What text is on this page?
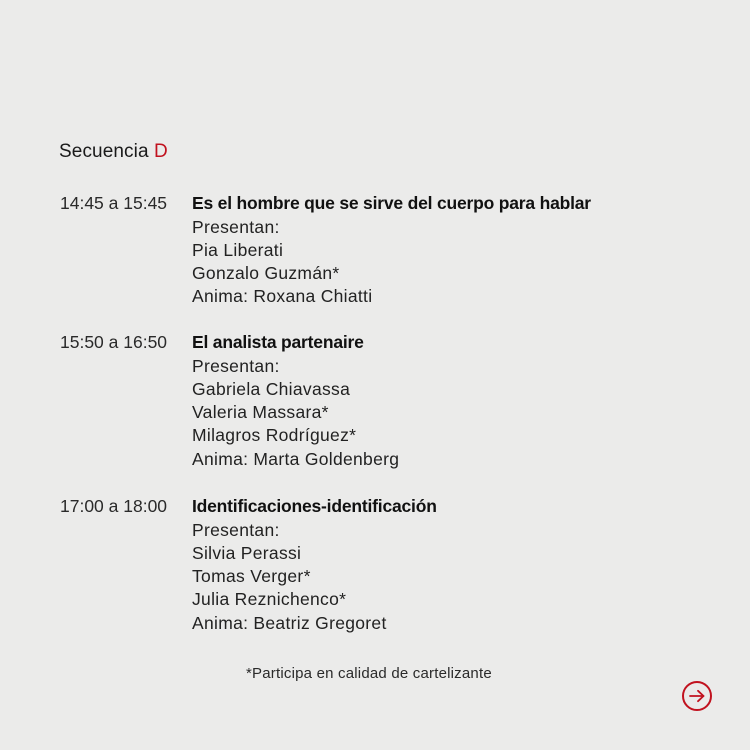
Secuencia D
14:45 a 15:45 Es el hombre que se sirve del cuerpo para hablar
Presentan:
Pia Liberati
Gonzalo Guzmán*
Anima: Roxana Chiatti
15:50 a 16:50 El analista partenaire
Presentan:
Gabriela Chiavassa
Valeria Massara*
Milagros Rodríguez*
Anima: Marta Goldenberg
17:00 a 18:00 Identificaciones-identificación
Presentan:
Silvia Perassi
Tomas Verger*
Julia Reznichenco*
Anima: Beatriz Gregoret
*Participa en calidad de cartelizante
